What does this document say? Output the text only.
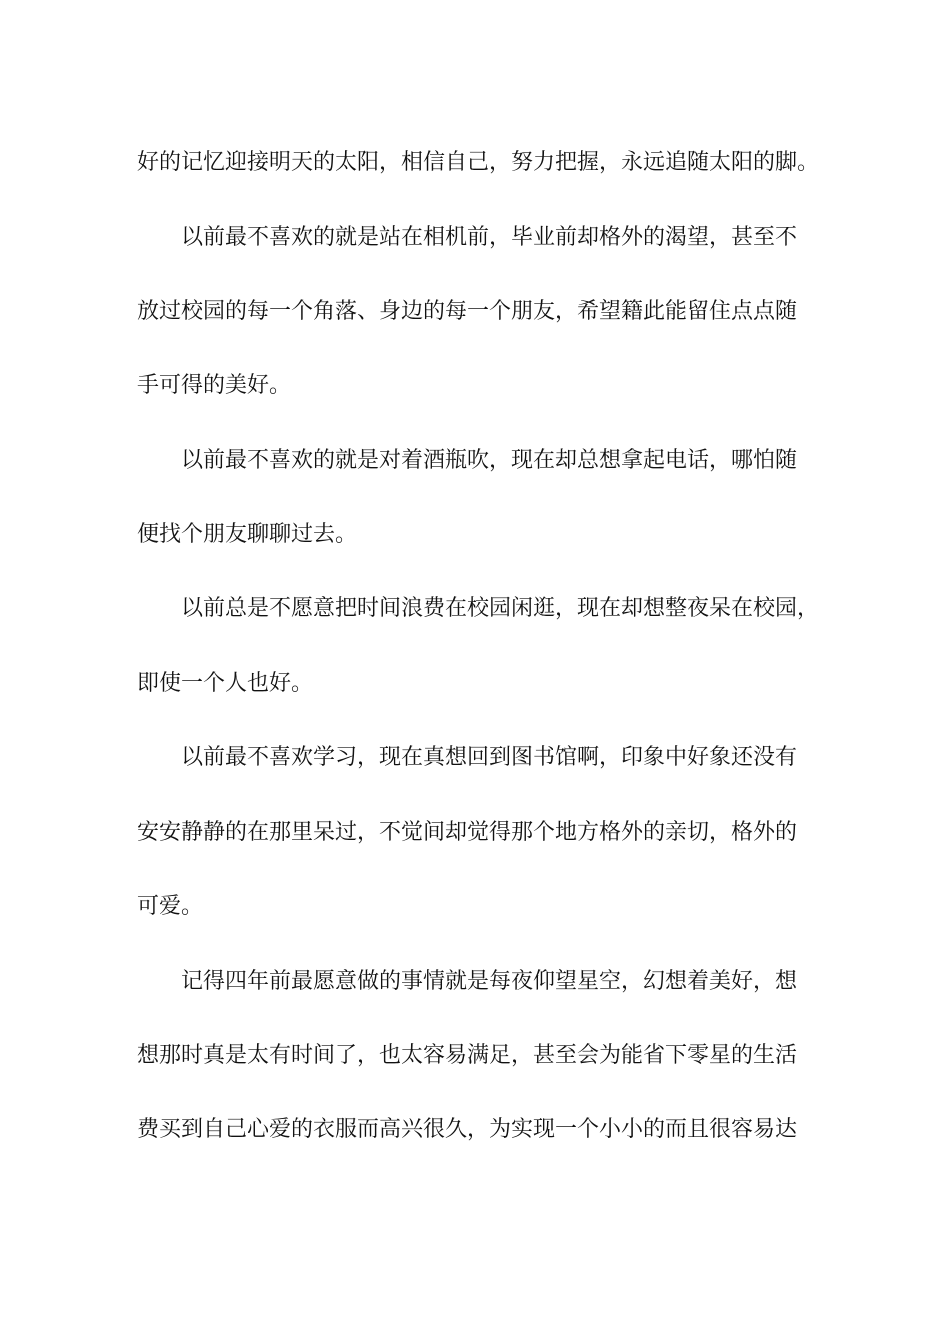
好的记忆迎接明天的太阳，相信自己，努力把握，永远追随太阳的脚。
以前最不喜欢的就是站在相机前，毕业前却格外的渴望，甚至不
放过校园的每一个角落、身边的每一个朋友，希望籍此能留住点点随
手可得的美好。
以前最不喜欢的就是对着酒瓶吹，现在却总想拿起电话，哪怕随
便找个朋友聊聊过去。
以前总是不愿意把时间浪费在校园闲逛，现在却想整夜呆在校园，
即使一个人也好。
以前最不喜欢学习，现在真想回到图书馆啊，印象中好象还没有
安安静静的在那里呆过，不觉间却觉得那个地方格外的亲切，格外的
可爱。
记得四年前最愿意做的事情就是每夜仰望星空，幻想着美好，想
想那时真是太有时间了，也太容易满足，甚至会为能省下零星的生活
费买到自己心爱的衣服而高兴很久，为实现一个小小的而且很容易达
